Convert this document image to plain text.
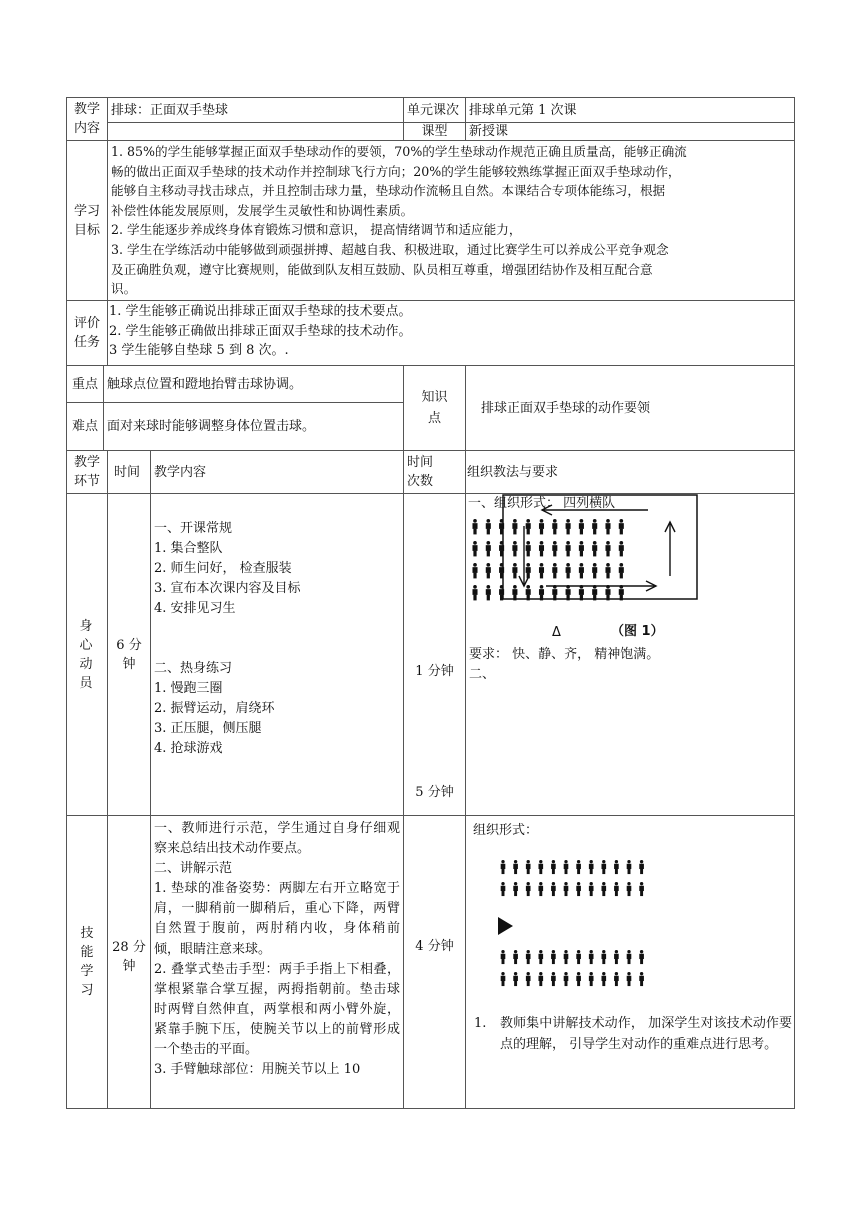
教学内容
排球：正面双手垫球	单元课次 排球单元第 1 次课
课型 新授课
学习目标
1. 85%的学生能够掌握正面双手垫球动作的要领，70%的学生垫球动作规范正确且质量高，能够正确流
畅的做出正面双手垫球的技术动作并控制球飞行方向；20%的学生能够较熟练掌握正面双手垫球动作，
能够自主移动寻找击球点，并且控制击球力量，垫球动作流畅且自然。本课结合专项体能练习，根据
补偿性体能发展原则，发展学生灵敏性和协调性素质。
2. 学生能逐步养成终身体育锻炼习惯和意识， 提高情绪调节和适应能力，
3. 学生在学练活动中能够做到顽强拼搏、超越自我、积极进取，通过比赛学生可以养成公平竞争观念
及正确胜负观，遵守比赛规则，能做到队友相互鼓励、队员相互尊重，增强团结协作及相互配合意
识。
评价任务
1. 学生能够正确说出排球正面双手垫球的技术要点。
2. 学生能够正确做出排球正面双手垫球的技术动作。
3 学生能够自垫球 5 到 8 次。.
重点 触球点位置和蹬地抬臂击球协调。
难点 面对来球时能够调整身体位置击球。
知识点
排球正面双手垫球的动作要领
教学环节
时间 教学内容
时间次数
组织教法与要求
身心动员
6 分钟
一、开课常规
1. 集合整队
2. 师生问好， 检查服装
3. 宣布本次课内容及目标
4. 安排见习生
二、热身练习
1. 慢跑三圈
2. 振臂运动，肩绕环
3. 正压腿，侧压腿
4. 抢球游戏
1 分钟
5 分钟
一、组织形式： 四列横队
Δ	（图 1）
要求： 快、静、齐， 精神饱满。
二、
技能学习
28 分钟
一、教师进行示范，学生通过自身仔细观察来总结出技术动作要点。
二、讲解示范
1. 垫球的准备姿势：两脚左右开立略宽于肩，一脚稍前一脚稍后，重心下降，两臂自然置于腹前，两肘稍内收，身体稍前倾，眼睛注意来球。
2. 叠掌式垫击手型：两手手指上下相叠，掌根紧靠合掌互握，两拇指朝前。垫击球时两臂自然伸直，两掌根和两小臂外旋，紧靠手腕下压，使腕关节以上的前臂形成一个垫击的平面。
3. 手臂触球部位：用腕关节以上 10
4 分钟
组织形式：
1. 教师集中讲解技术动作， 加深学生对该技术动作要点的理解， 引导学生对动作的重难点进行思考。
